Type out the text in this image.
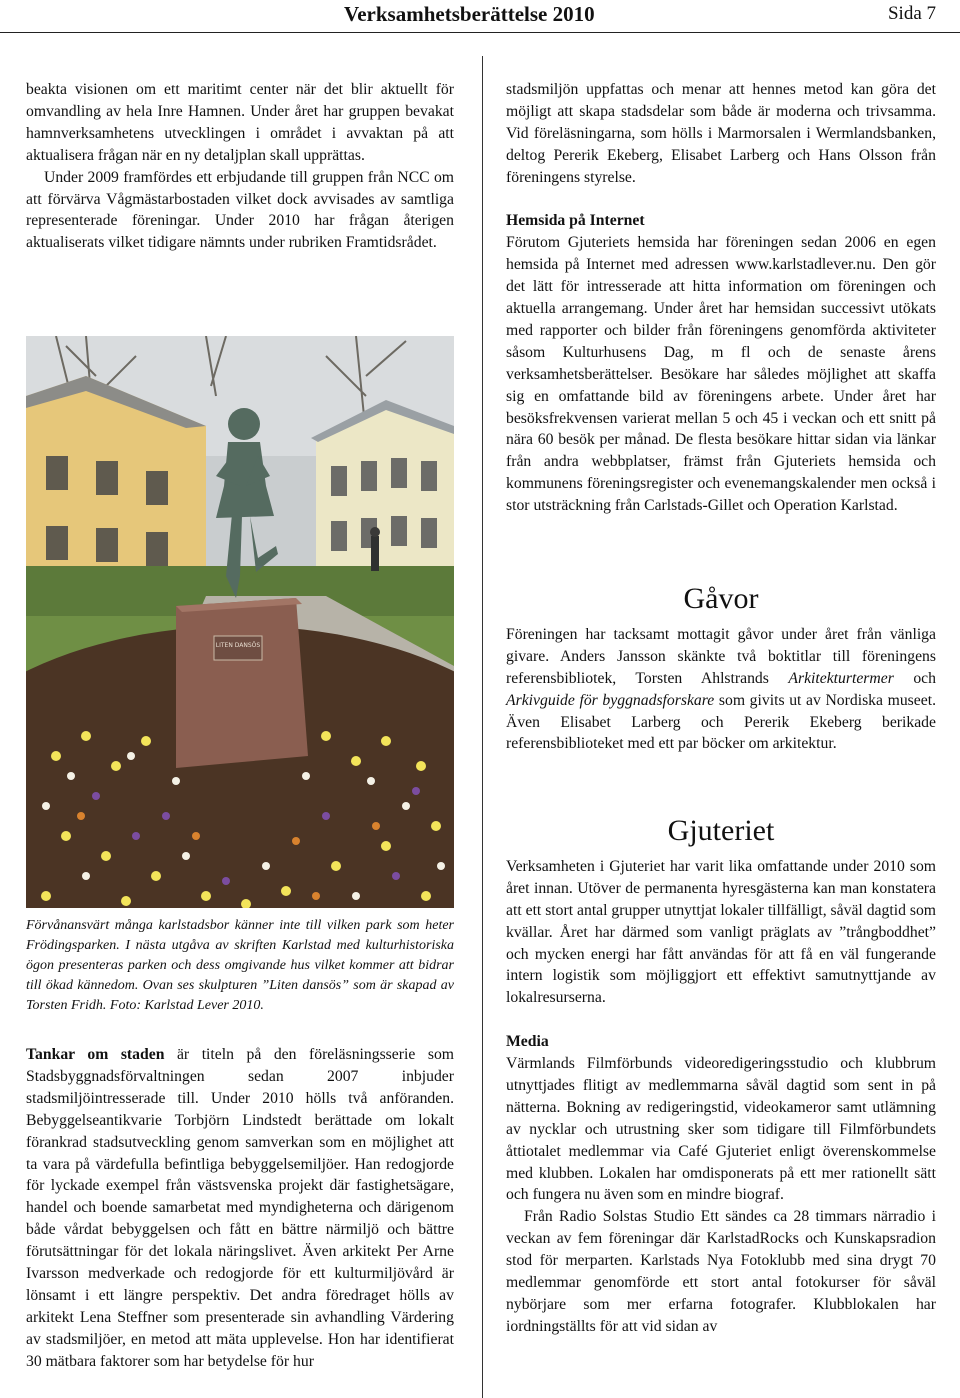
Verksamhetsberättelse 2010	Sida 7

beakta visionen om ett maritimt center när det blir aktuellt för omvandling av hela Inre Hamnen. Under året har gruppen bevakat hamnverksamhetens utvecklingen i området i avvaktan på att aktualisera frågan när en ny detaljplan skall upprättas.

Under 2009 framfördes ett erbjudande till gruppen från NCC om att förvärva Vågmästarbostaden vilket dock avvisades av samtliga representerade föreningar. Under 2010 har frågan återigen aktualiserats vilket tidigare nämnts under rubriken Framtidsrådet.

LITEN DANSÖS

Förvånansvärt många karlstadsbor känner inte till vilken park som heter Frödingsparken. I nästa utgåva av skriften Karlstad med kulturhistoriska ögon presenteras parken och dess omgivande hus vilket kommer att bidrar till ökad kännedom. Ovan ses skulpturen ”Liten dansös” som är skapad av Torsten Fridh. Foto: Karlstad Lever 2010.

Tankar om staden är titeln på den föreläsningsserie som Stadsbyggnadsförvaltningen sedan 2007 inbjuder stadsmiljöintresserade till. Under 2010 hölls två anföranden. Bebyggelseantikvarie Torbjörn Lindstedt berättade om lokalt förankrad stadsutveckling genom samverkan som en möjlighet att ta vara på värdefulla befintliga bebyggelsemiljöer. Han redogjorde för lyckade exempel från västsvenska projekt där fastighetsägare, handel och boende samarbetat med myndigheterna och därigenom både vårdat bebyggelsen och fått en bättre närmiljö och bättre förutsättningar för det lokala näringslivet. Även arkitekt Per Arne Ivarsson medverkade och redogjorde för ett kulturmiljövård är lönsamt i ett längre perspektiv. Det andra föredraget hölls av arkitekt Lena Steffner som presenterade sin avhandling Värdering av stadsmiljöer, en metod att mäta upplevelse. Hon har identifierat 30 mätbara faktorer som har betydelse för hur

stadsmiljön uppfattas och menar att hennes metod kan göra det möjligt att skapa stadsdelar som både är moderna och trivsamma. Vid föreläsningarna, som hölls i Marmorsalen i Wermlandsbanken, deltog Pererik Ekeberg, Elisabet Larberg och Hans Olsson från föreningens styrelse.

Hemsida på Internet

Förutom Gjuteriets hemsida har föreningen sedan 2006 en egen hemsida på Internet med adressen www.karlstadlever.nu. Den gör det lätt för intresserade att hitta information om föreningen och aktuella arrangemang. Under året har hemsidan successivt utökats med rapporter och bilder från föreningens genomförda aktiviteter såsom Kulturhusens Dag, m fl och de senaste årens verksamhetsberättelser. Besökare har således möjlighet att skaffa sig en omfattande bild av föreningens arbete. Under året har besöksfrekvensen varierat mellan 5 och 45 i veckan och ett snitt på nära 60 besök per månad. De flesta besökare hittar sidan via länkar från andra webbplatser, främst från Gjuteriets hemsida och kommunens föreningsregister och evenemangskalender men också i stor utsträckning från Carlstads-Gillet och Operation Karlstad.

Gåvor

Föreningen har tacksamt mottagit gåvor under året från vänliga givare. Anders Jansson skänkte två boktitlar till föreningens referensbibliotek, Torsten Ahlstrands Arkitekturtermer och Arkivguide för byggnadsforskare som givits ut av Nordiska museet. Även Elisabet Larberg och Pererik Ekeberg berikade referensbiblioteket med ett par böcker om arkitektur.

Gjuteriet

Verksamheten i Gjuteriet har varit lika omfattande under 2010 som året innan. Utöver de permanenta hyresgästerna kan man konstatera att ett stort antal grupper utnyttjat lokaler tillfälligt, såväl dagtid som kvällar. Året har därmed som vanligt präglats av ”trångboddhet” och mycken energi har fått användas för att få en väl fungerande intern logistik som möjliggjort ett effektivt samutnyttjande av lokalresurserna.

Media

Värmlands Filmförbunds videoredigeringsstudio och klubbrum utnyttjades flitigt av medlemmarna såväl dagtid som sent in på nätterna. Bokning av redigeringstid, videokameror samt utlämning av nycklar och utrustning sker som tidigare till Filmförbundets åttiotalet medlemmar via Café Gjuteriet enligt överenskommelse med klubben. Lokalen har omdisponerats på ett mer rationellt sätt och fungera nu även som en mindre biograf.

Från Radio Solstas Studio Ett sändes ca 28 timmars närradio i veckan av fem föreningar där KarlstadRocks och Kunskapsradion stod för merparten. Karlstads Nya Fotoklubb med sina drygt 70 medlemmar genomförde ett stort antal fotokurser för såväl nybörjare som mer erfarna fotografer. Klubblokalen har iordningställts för att vid sidan av
